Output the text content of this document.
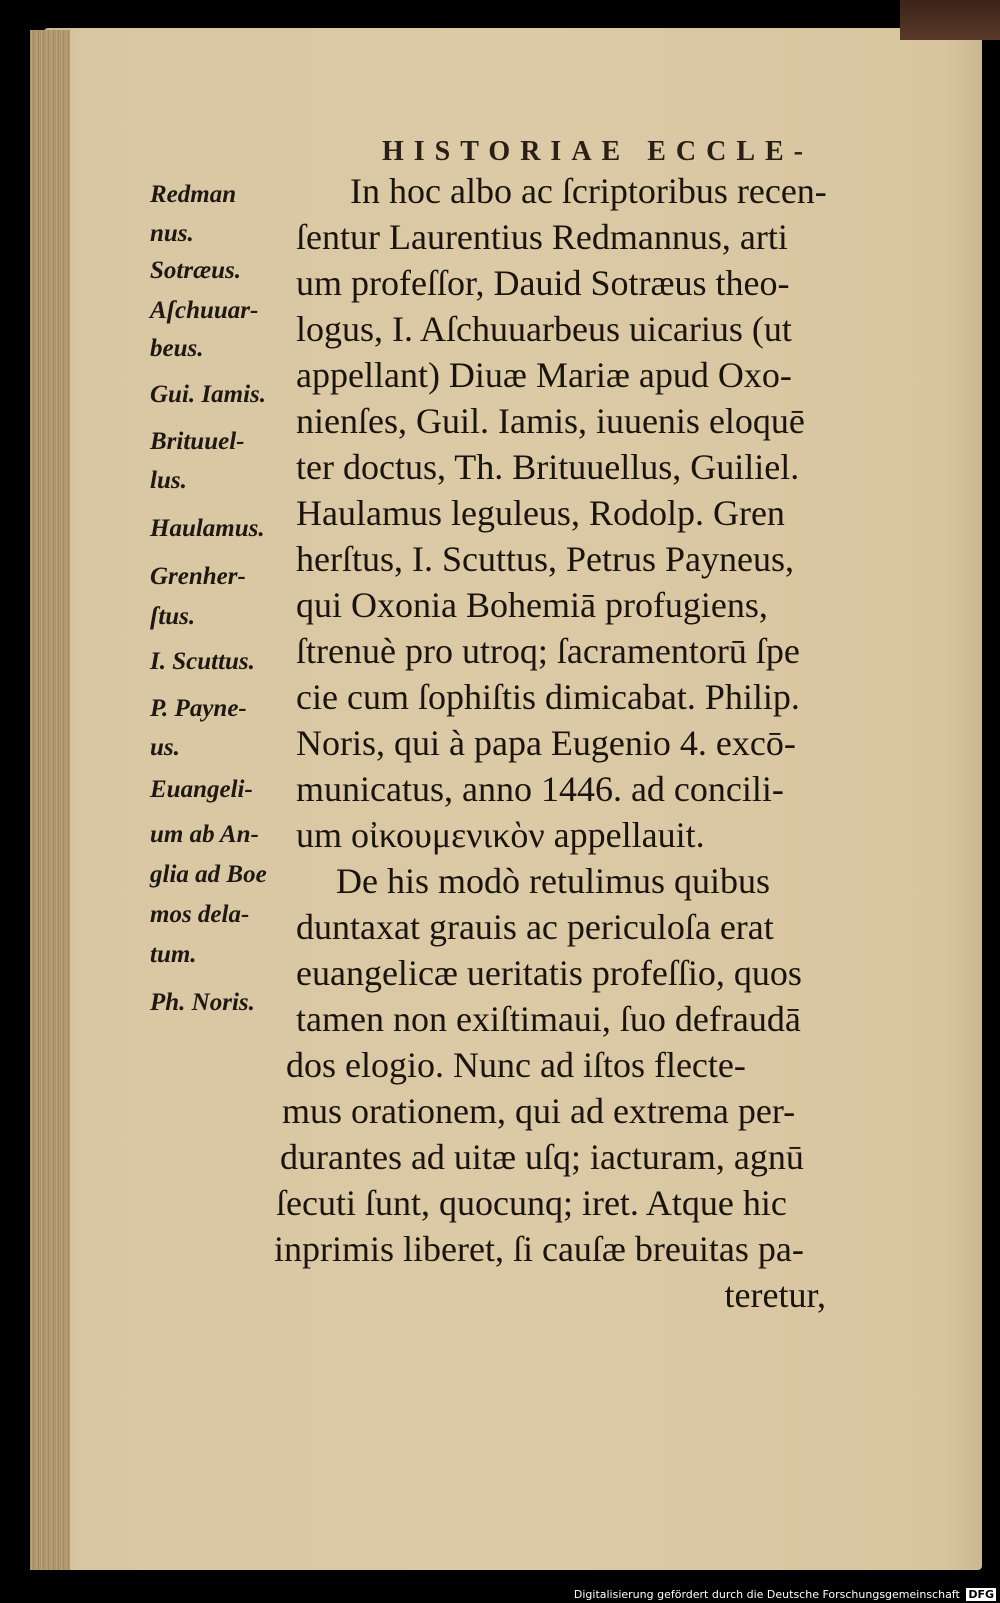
HISTORIAE ECCLE-
Redman
nus.
Sotræus.
Aſchuuar-
beus.
Gui. Iamis.
Brituuel-
lus.
Haulamus.
Grenher-
ſtus.
I. Scuttus.
P. Payne-
us.
Euangeli-
um ab An-
glia ad Boe
mos dela-
tum.
Ph. Noris.
In hoc albo ac ſcriptoribus recen-
ſentur Laurentius Redmannus, arti
um profeſſor, Dauid Sotræus theo-
logus, I. Aſchuuarbeus uicarius (ut
appellant) Diuæ Mariæ apud Oxo-
nienſes, Guil. Iamis, iuuenis eloquē
ter doctus, Th. Brituuellus, Guiliel.
Haulamus leguleus, Rodolp. Gren
herſtus, I. Scuttus, Petrus Payneus,
qui Oxonia Bohemiā profugiens,
ſtrenuè pro utroq; ſacramentorū ſpe
cie cum ſophiſtis dimicabat. Philip.
Noris, qui à papa Eugenio 4. excō-
municatus, anno 1446. ad concili-
um οἰκουμενικὸν appellauit.
De his modò retulimus quibus
duntaxat grauis ac periculoſa erat
euangelicæ ueritatis profeſſio, quos
tamen non exiſtimaui, ſuo defraudā
dos elogio. Nunc ad iſtos flecte-
mus orationem, qui ad extrema per-
durantes ad uitæ uſq; iacturam, agnū
ſecuti ſunt, quocunq; iret. Atque hic
inprimis liberet, ſi cauſæ breuitas pa-
teretur,
Digitalisierung gefördert durch die Deutsche Forschungsgemeinschaft DFG
